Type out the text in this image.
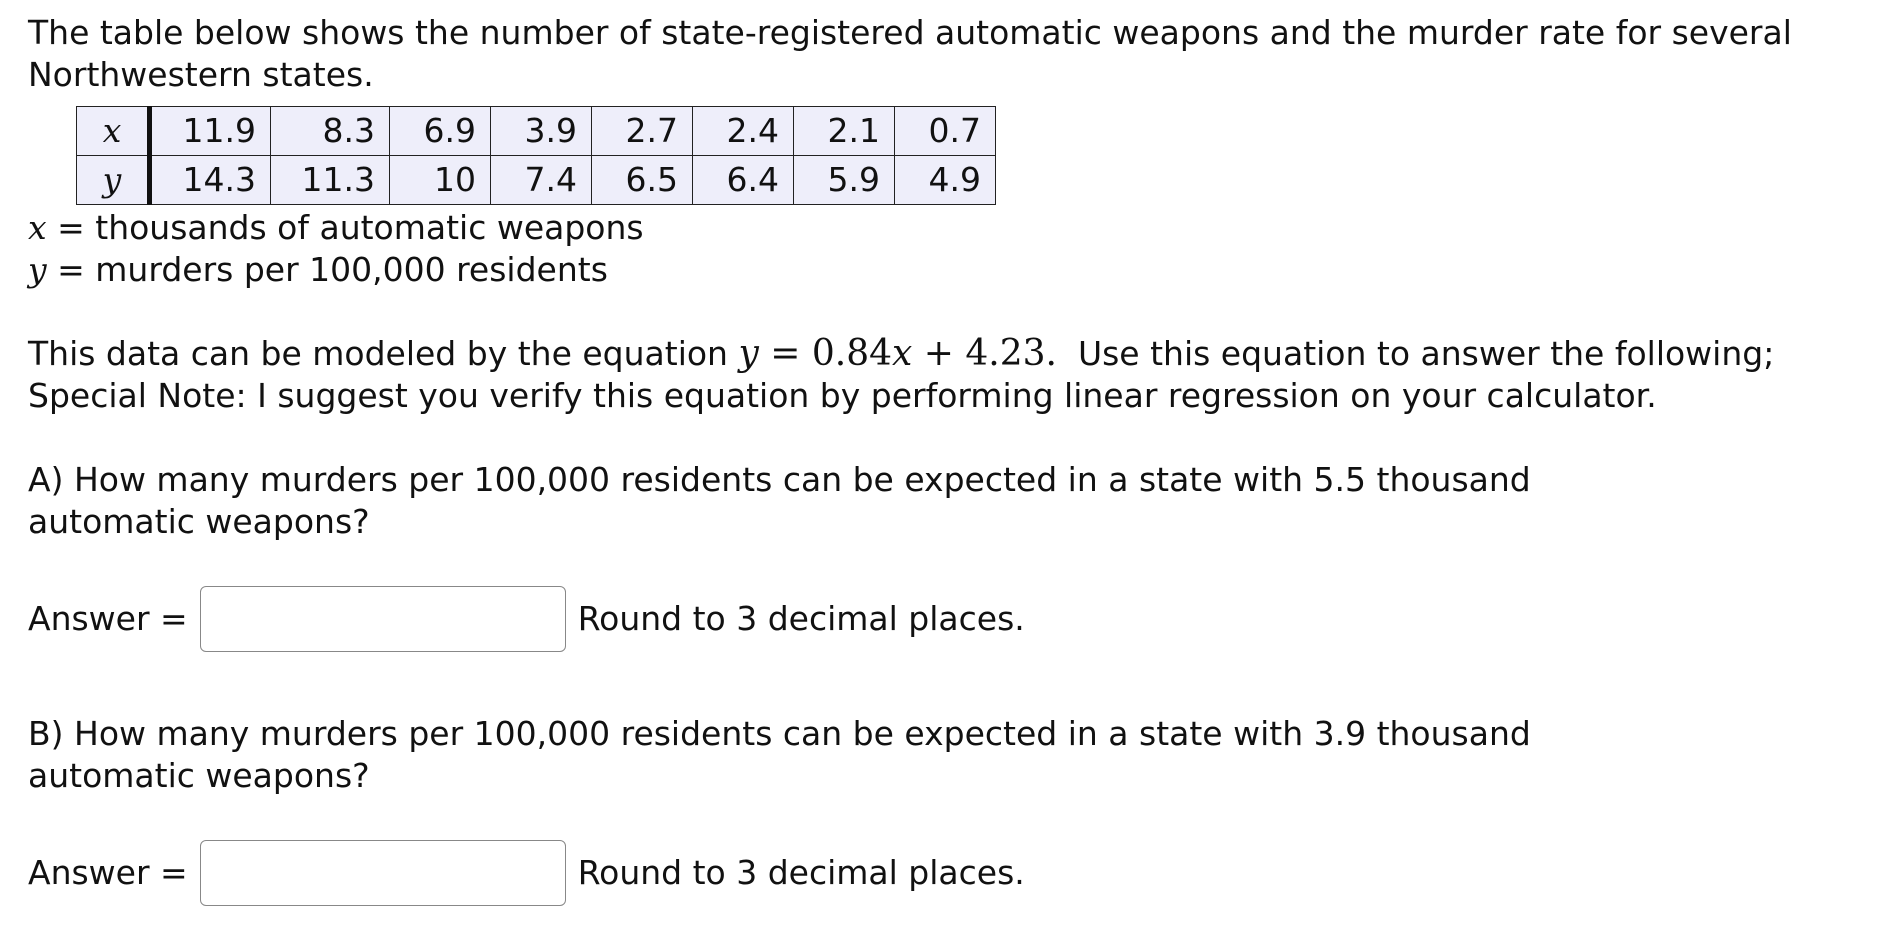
The table below shows the number of state-registered automatic weapons and the murder rate for several Northwestern states.

x	11.9	8.3	6.9	3.9	2.7	2.4	2.1	0.7
y	14.3	11.3	10	7.4	6.5	6.4	5.9	4.9
x = thousands of automatic weapons
y = murders per 100,000 residents
This data can be modeled by the equation y = 0.84x + 4.23.  Use this equation to answer the following;
Special Note: I suggest you verify this equation by performing linear regression on your calculator.
A) How many murders per 100,000 residents can be expected in a state with 5.5 thousand automatic weapons?
Answer =	Round to 3 decimal places.
B) How many murders per 100,000 residents can be expected in a state with 3.9 thousand automatic weapons?
Answer =	Round to 3 decimal places.
